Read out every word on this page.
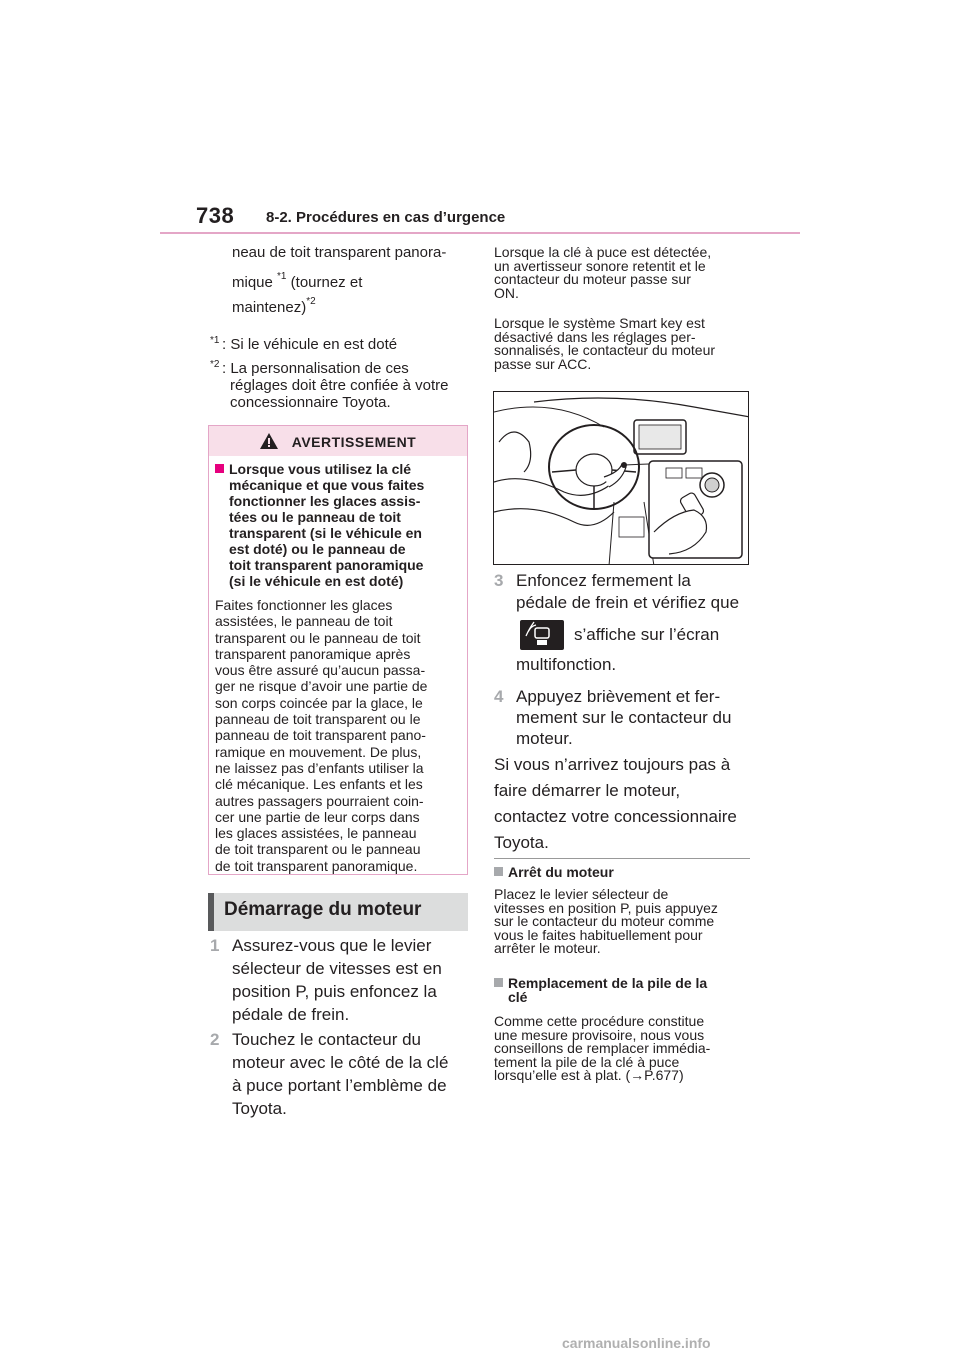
738 8-2. Procédures en cas d’urgence
neau de toit transparent panora-
mique $^{*1}$ (tournez et
maintenez)$^{*2}$
*1 : Si le véhicule en est doté
*2 : La personnalisation de ces
réglages doit être confiée à votre
concessionnaire Toyota.
AVERTISSEMENT
Lorsque vous utilisez la clé
mécanique et que vous faites
fonctionner les glaces assis-
tées ou le panneau de toit
transparent (si le véhicule en
est doté) ou le panneau de
toit transparent panoramique
(si le véhicule en est doté)
Faites fonctionner les glaces
assistées, le panneau de toit
transparent ou le panneau de toit
transparent panoramique après
vous être assuré qu’aucun passa-
ger ne risque d’avoir une partie de
son corps coincée par la glace, le
panneau de toit transparent ou le
panneau de toit transparent pano-
ramique en mouvement. De plus,
ne laissez pas d’enfants utiliser la
clé mécanique. Les enfants et les
autres passagers pourraient coin-
cer une partie de leur corps dans
les glaces assistées, le panneau
de toit transparent ou le panneau
de toit transparent panoramique.
Démarrage du moteur
1 Assurez-vous que le levier
sélecteur de vitesses est en
position P, puis enfoncez la
pédale de frein.
2 Touchez le contacteur du
moteur avec le côté de la clé
à puce portant l’emblème de
Toyota.
Lorsque la clé à puce est détectée,
un avertisseur sonore retentit et le
contacteur du moteur passe sur
ON.
Lorsque le système Smart key est
désactivé dans les réglages per-
sonnalisés, le contacteur du moteur
passe sur ACC.
3 Enfoncez fermement la
pédale de frein et vérifiez que
s’affiche sur l’écran
multifonction.
4 Appuyez brièvement et fer-
mement sur le contacteur du
moteur.
Si vous n’arrivez toujours pas à
faire démarrer le moteur,
contactez votre concessionnaire
Toyota.
Arrêt du moteur
Placez le levier sélecteur de
vitesses en position P, puis appuyez
sur le contacteur du moteur comme
vous le faites habituellement pour
arrêter le moteur.
Remplacement de la pile de la
clé
Comme cette procédure constitue
une mesure provisoire, nous vous
conseillons de remplacer immédia-
tement la pile de la clé à puce
lorsqu’elle est à plat. (→P.677)
carmanualsonline.info
